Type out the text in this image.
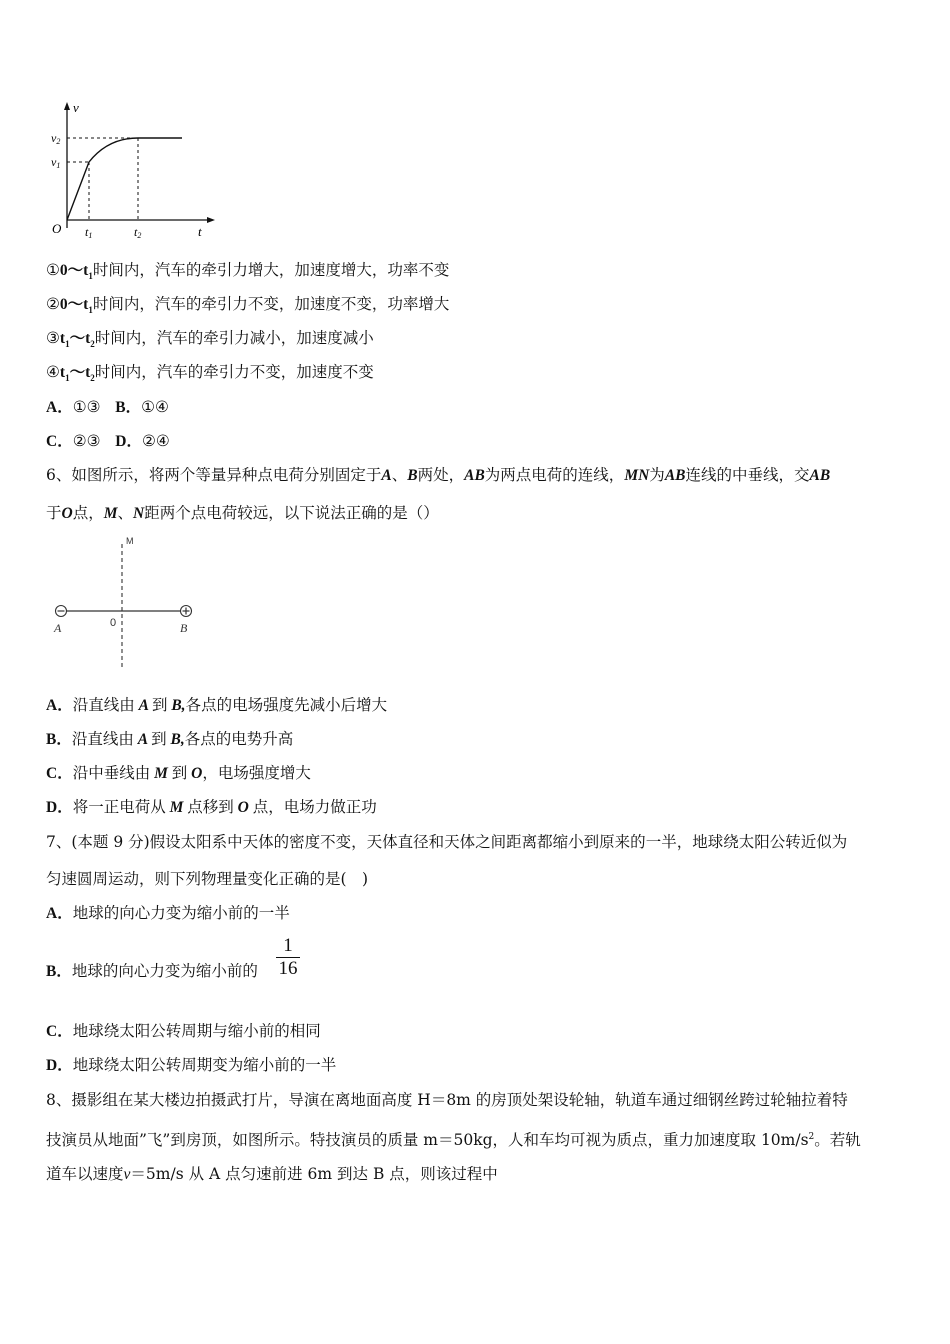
v
t
O
v1
v2
t1	t2
$①0\sim t_1$时间内，汽车的牵引力增大，加速度增大，功率不变
$②0\sim t_1$时间内，汽车的牵引力不变，加速度不变，功率增大
$③t_1\sim t_2$时间内，汽车的牵引力减小，加速度减小
$④t_1\sim t_2$时间内，汽车的牵引力不变，加速度不变
A．①③ B．①④
C．②③ D．②④
6、如图所示，将两个等量异种点电荷分别固定于A、B两处，AB为两点电荷的连线，MN为AB连线的中垂线，交AB
于O点，M、N距两个点电荷较远，以下说法正确的是（）
M
0
A	B
A．沿直线由 A 到 B,各点的电场强度先减小后增大
B．沿直线由 A 到 B,各点的电势升高
C．沿中垂线由 M 到 O，电场强度增大
D．将一正电荷从 M 点移到 O 点，电场力做正功
7、(本题 9 分)假设太阳系中天体的密度不变，天体直径和天体之间距离都缩小到原来的一半，地球绕太阳公转近似为
匀速圆周运动，则下列物理量变化正确的是(　)
A．地球的向心力变为缩小前的一半
B．地球的向心力变为缩小前的
1
16
C．地球绕太阳公转周期与缩小前的相同
D．地球绕太阳公转周期变为缩小前的一半
8、摄影组在某大楼边拍摄武打片，导演在离地面高度 H＝8m 的房顶处架设轮轴，轨道车通过细钢丝跨过轮轴拉着特
技演员从地面”飞”到房顶，如图所示。特技演员的质量 m＝50kg，人和车均可视为质点，重力加速度取 $10m/s^2$。若轨
道车以速度v＝5m/s 从 A 点匀速前进 6m 到达 B 点，则该过程中
